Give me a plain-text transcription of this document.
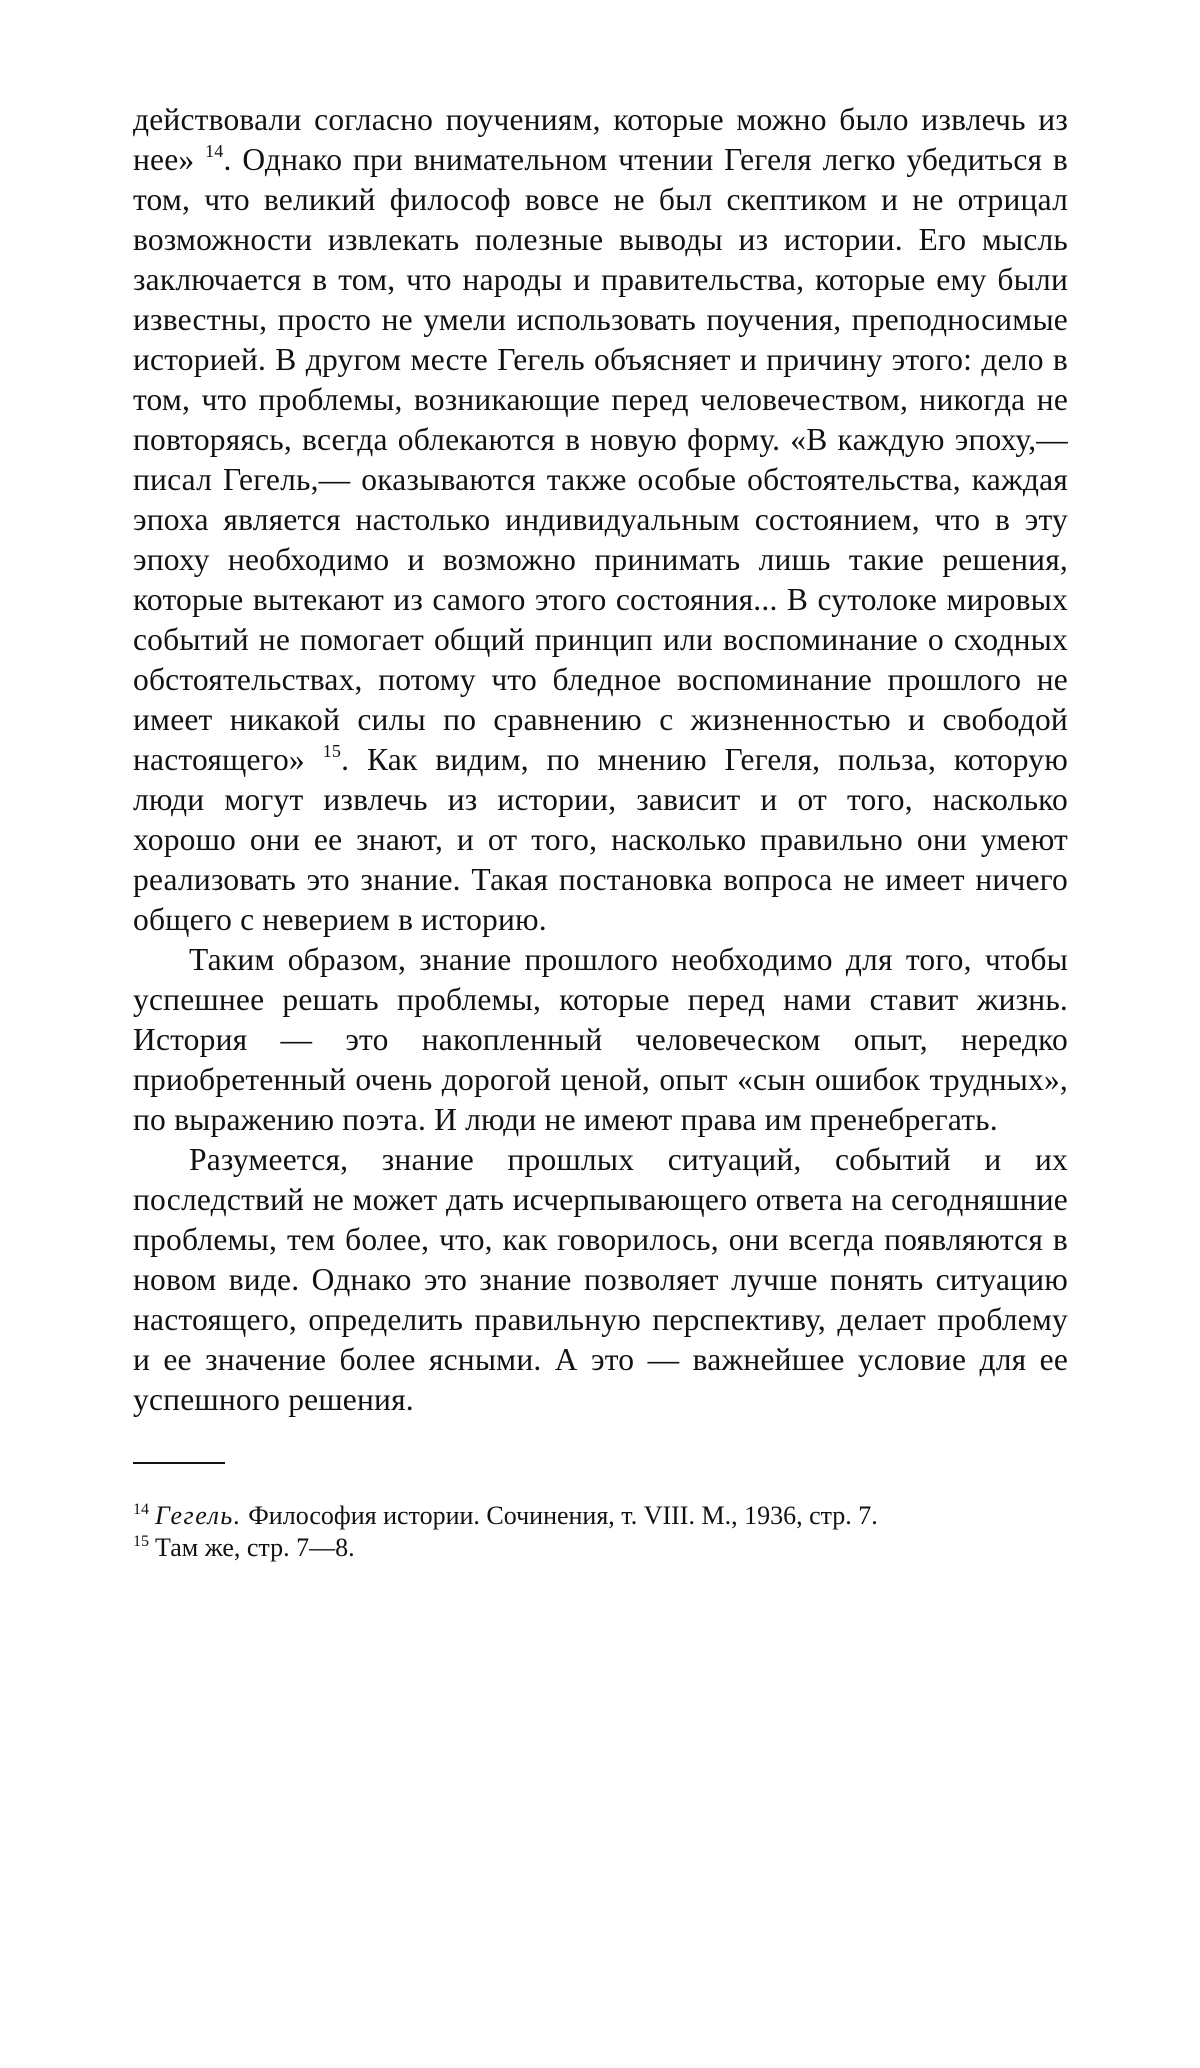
действовали согласно поучениям, которые можно было извлечь из нее» $^{14}$. Однако при внимательном чтении Гегеля легко убедиться в том, что великий философ вовсе не был скептиком и не отрицал возможности извлекать полезные выводы из истории. Его мысль заключается в том, что народы и правительства, которые ему были известны, просто не умели использовать поучения, преподносимые историей. В другом месте Гегель объясняет и причину этого: дело в том, что проблемы, возникающие перед человечеством, никогда не повторяясь, всегда облекаются в новую форму. «В каждую эпоху,— писал Гегель,— оказываются также особые обстоятельства, каждая эпоха является настолько индивидуальным состоянием, что в эту эпоху необходимо и возможно принимать лишь такие решения, которые вытекают из самого этого состояния... В сутолоке мировых событий не помогает общий принцип или воспоминание о сходных обстоятельствах, потому что бледное воспоминание прошлого не имеет никакой силы по сравнению с жизненностью и свободой настоящего» $^{15}$. Как видим, по мнению Гегеля, польза, которую люди могут извлечь из истории, зависит и от того, насколько хорошо они ее знают, и от того, насколько правильно они умеют реализовать это знание. Такая постановка вопроса не имеет ничего общего с неверием в историю.

Таким образом, знание прошлого необходимо для того, чтобы успешнее решать проблемы, которые перед нами ставит жизнь. История — это накопленный человеческом опыт, нередко приобретенный очень дорогой ценой, опыт «сын ошибок трудных», по выражению поэта. И люди не имеют права им пренебрегать.

Разумеется, знание прошлых ситуаций, событий и их последствий не может дать исчерпывающего ответа на сегодняшние проблемы, тем более, что, как говорилось, они всегда появляются в новом виде. Однако это знание позволяет лучше понять ситуацию настоящего, определить правильную перспективу, делает проблему и ее значение более ясными. А это — важнейшее условие для ее успешного решения.

$^{14}$ Гегель. Философия истории. Сочинения, т. VIII. М., 1936, стр. 7.
$^{15}$ Там же, стр. 7—8.
